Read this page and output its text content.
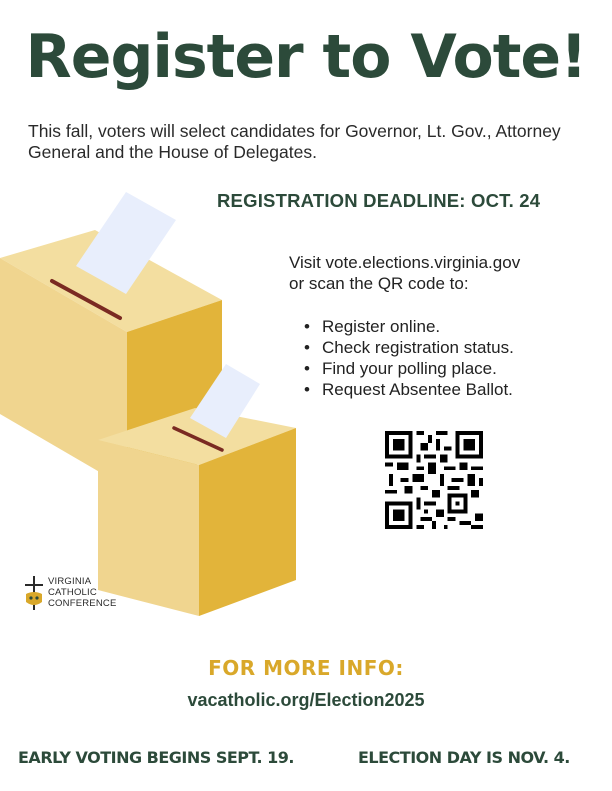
Register to Vote!
This fall, voters will select candidates for Governor, Lt. Gov., Attorney General and the House of Delegates.
REGISTRATION DEADLINE: OCT. 24
Visit vote.elections.virginia.gov
or scan the QR code to:
• Register online.
• Check registration status.
• Find your polling place.
• Request Absentee Ballot.
VIRGINIA
CATHOLIC
CONFERENCE
FOR MORE INFO:
vacatholic.org/Election2025
EARLY VOTING BEGINS SEPT. 19.	ELECTION DAY IS NOV. 4.
